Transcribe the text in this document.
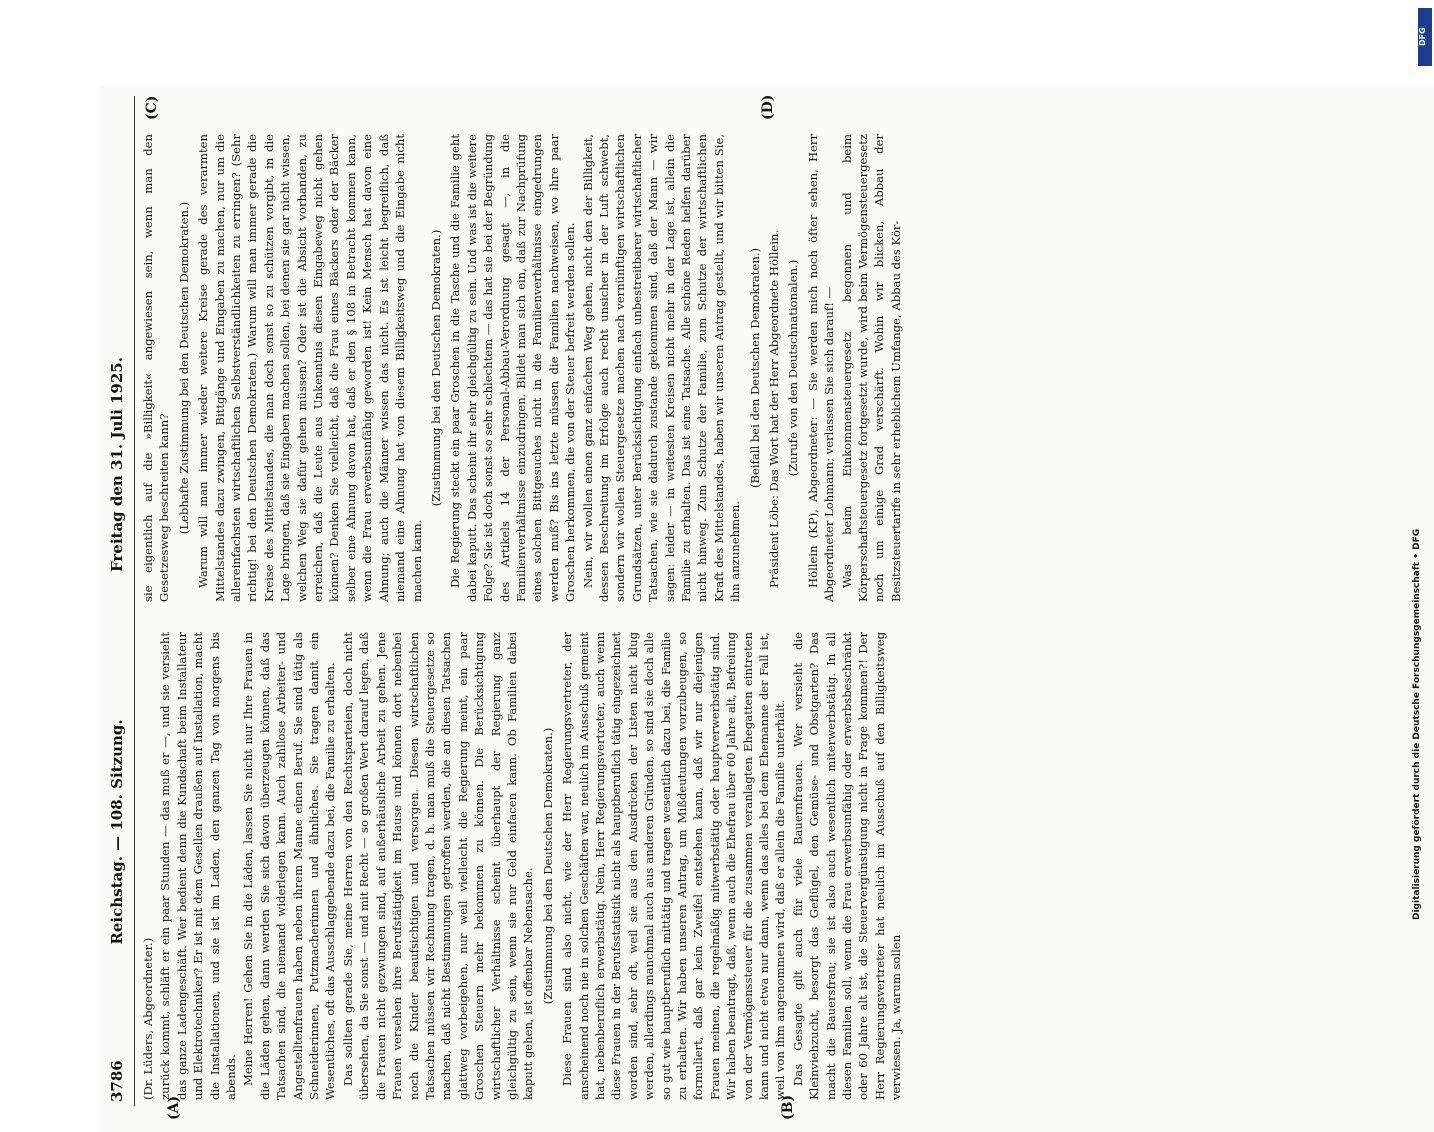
3786
Reichstag. — 108. Sitzung.
Freitag den 31. Juli 1925.
(A)	(B)
(C)	(D)

(Dr. Lüders, Abgeordneter.) zurück kommt, schläft er ein paar Stunden — das muß er —, und sie versieht das ganze Ladengeschäft. Wer bedient denn die Kundschaft beim Installateur und Elektrotechniker? Er ist mit dem Gesellen draußen auf Installation, macht die Installationen, und sie ist im Laden, den ganzen Tag von morgens bis abends. Meine Herren! Gehen Sie in die Läden, lassen Sie nicht nur Ihre Frauen in die Läden gehen, dann werden Sie sich davon überzeugen können, daß das Tatsachen sind, die niemand widerlegen kann. Auch zahllose Arbeiter- und Angestelltenfrauen haben neben ihrem Manne einen Beruf. Sie sind tätig als Schneiderinnen, Putzmacherinnen und ähnliches. Sie tragen damit ein Wesentliches, oft das Ausschlaggebende dazu bei, die Familie zu erhalten. Das sollten gerade Sie, meine Herren von den Rechtsparteien, doch nicht übersehen, da Sie sonst — und mit Recht — so großen Wert darauf legen, daß die Frauen nicht gezwungen sind, auf außerhäusliche Arbeit zu gehen. Jene Frauen versehen ihre Berufstätigkeit im Hause und können dort nebenbei noch die Kinder beaufsichtigen und versorgen. Diesen wirtschaftlichen Tatsachen müssen wir Rechnung tragen, d. h. man muß die Steuergesetze so machen, daß nicht Bestimmungen getroffen werden, die an diesen Tatsachen glattweg vorbeigehen, nur weil vielleicht die Regierung meint, ein paar Groschen Steuern mehr bekommen zu können. Die Berücksichtigung wirtschaftlicher Verhältnisse scheint überhaupt der Regierung ganz gleichgültig zu sein, wenn sie nur Geld einfacen kann. Ob Familien dabei kaputt gehen, ist offenbar Nebensache. (Zustimmung bei den Deutschen Demokraten.) Diese Frauen sind also nicht, wie der Herr Regierungsvertreter, der anscheinend noch nie in solchen Geschäften war, neulich im Ausschuß gemeint hat, nebenberuflich erwerbstätig. Nein, Herr Regierungsvertreter, auch wenn diese Frauen in der Berufsstatistik nicht als hauptberuflich tätig eingezeichnet worden sind, sehr oft, weil sie aus den Ausdrücken der Listen nicht klug werden, allerdings manchmal auch aus anderen Gründen, so sind sie doch alle so gut wie hauptberuflich mittätig und tragen wesentlich dazu bei, die Familie zu erhalten. Wir haben unseren Antrag, um Mißdeutungen vorzubeugen, so formuliert, daß gar kein Zweifel entstehen kann, daß wir nur diejenigen Frauen meinen, die regelmäßig mitwerbstätig oder hauptverwerbstätig sind. Wir haben beantragt, daß, wenn auch die Ehefrau über 60 Jahre alt, Befreiung von der Vermögenssteuer für die zusammen veranlagten Ehegatten eintreten kann und nicht etwa nur dann, wenn das alles bei dem Ehemanne der Fall ist, weil von ihm angenommen wird, daß er allein die Familie unterhält. Das Gesagte gilt auch für viele Bauernfrauen. Wer versieht die Kleinviehzucht, besorgt das Geflügel, den Gemüse- und Obstgarten? Das macht die Bauersfrau; sie ist also auch wesentlich miterwerbstätig. In all diesen Familien soll, wenn die Frau erwerbsunfähig oder erwerbsbeschränkt oder 60 Jahre alt ist, die Steuervergünstigung nicht in Frage kommen?! Der Herr Regierungsvertreter hat neulich im Ausschuß auf den Billigkeitsweg verwiesen. Ja, warum sollen

sie eigentlich auf die »Billigkeit« angewiesen sein, wenn man den Gesetzesweg beschreiten kann? (Lebhafte Zustimmung bei den Deutschen Demokraten.) Warum will man immer wieder weitere Kreise gerade des verarmten Mittelstandes dazu zwingen, Bittgänge und Eingaben zu machen, nur um die allereinfachsten wirtschaftlichen Selbstverständlichkeiten zu erringen? (Sehr richtig! bei den Deutschen Demokraten.) Warum will man immer gerade die Kreise des Mittelstandes, die man doch sonst so zu schützen vorgibt, in die Lage bringen, daß sie Eingaben machen sollen, bei denen sie gar nicht wissen, welchen Weg sie dafür gehen müssen? Oder ist die Absicht vorhanden, zu erreichen, daß die Leute aus Unkenntnis diesen Eingabeweg nicht gehen können? Denken Sie vielleicht, daß die Frau eines Bäckers oder der Bäcker selber eine Ahnung davon hat, daß er den § 108 in Betracht kommen kann, wenn die Frau erwerbsunfähig geworden ist! Kein Mensch hat davon eine Ahnung; auch die Männer wissen das nicht. Es ist leicht begreiflich, daß niemand eine Ahnung hat von diesem Billigkeitsweg und die Eingabe nicht machen kann.

(Zustimmung bei den Deutschen Demokraten.) Die Regierung steckt ein paar Groschen in die Tasche und die Familie geht dabei kaputt. Das scheint ihr sehr gleichgültig zu sein. Und was ist die weitere Folge? Sie ist doch sonst so sehr schlechtem — das hat sie bei der Begründung des Artikels 14 der Personal-Abbau-Verordnung gesagt —, in die Familienverhältnisse einzudringen. Bildet man sich ein, daß zur Nachprüfung eines solchen Bittgesuches nicht in die Familienverhältnisse eingedrungen werden muß? Bis ins letzte müssen die Familien nachweisen, wo ihre paar Groschen herkommen, die von der Steuer befreit werden sollen. Nein, wir wollen einen ganz einfachen Weg gehen, nicht den der Billigkeit, dessen Beschreitung im Erfolge auch recht unsicher in der Luft schwebt, sondern wir wollen Steuergesetze machen nach vernünftigen wirtschaftlichen Grundsätzen, unter Berücksichtigung einfach unbestreitbarer wirtschaftlicher Tatsachen, wie sie dadurch zustande gekommen sind, daß der Mann — wir sagen: leider — in weitesten Kreisen nicht mehr in der Lage ist, allein die Familie zu erhalten. Das ist eine Tatsache. Alle schöne Reden helfen darüber nicht hinweg. Zum Schutze der Familie, zum Schutze der wirtschaftlichen Kraft des Mittelstandes, haben wir unseren Antrag gestellt, und wir bitten Sie, ihn anzunehmen.

(Beifall bei den Deutschen Demokraten.) Präsident Löbe: Das Wort hat der Herr Abgeordnete Höllein. (Zurufe von den Deutschnationalen.) Höllein (KP), Abgeordneter: — Sie werden mich noch öfter sehen, Herr Abgeordneter Lohmann; verlassen Sie sich darauf! — Was beim Einkommensteuergesetz begonnen und beim Körperschaftsteuergesetz fortgesetzt wurde, wird beim Vermögensteuergesetz noch um einige Grad verschärft. Wohin wir blicken, Abbau der Besitzsteuertarife in sehr erheblichem Umfange, Abbau des Kör-

Digitalisierung gefördert durch die Deutsche Forschungsgemeinschaft • DFG
DFG
